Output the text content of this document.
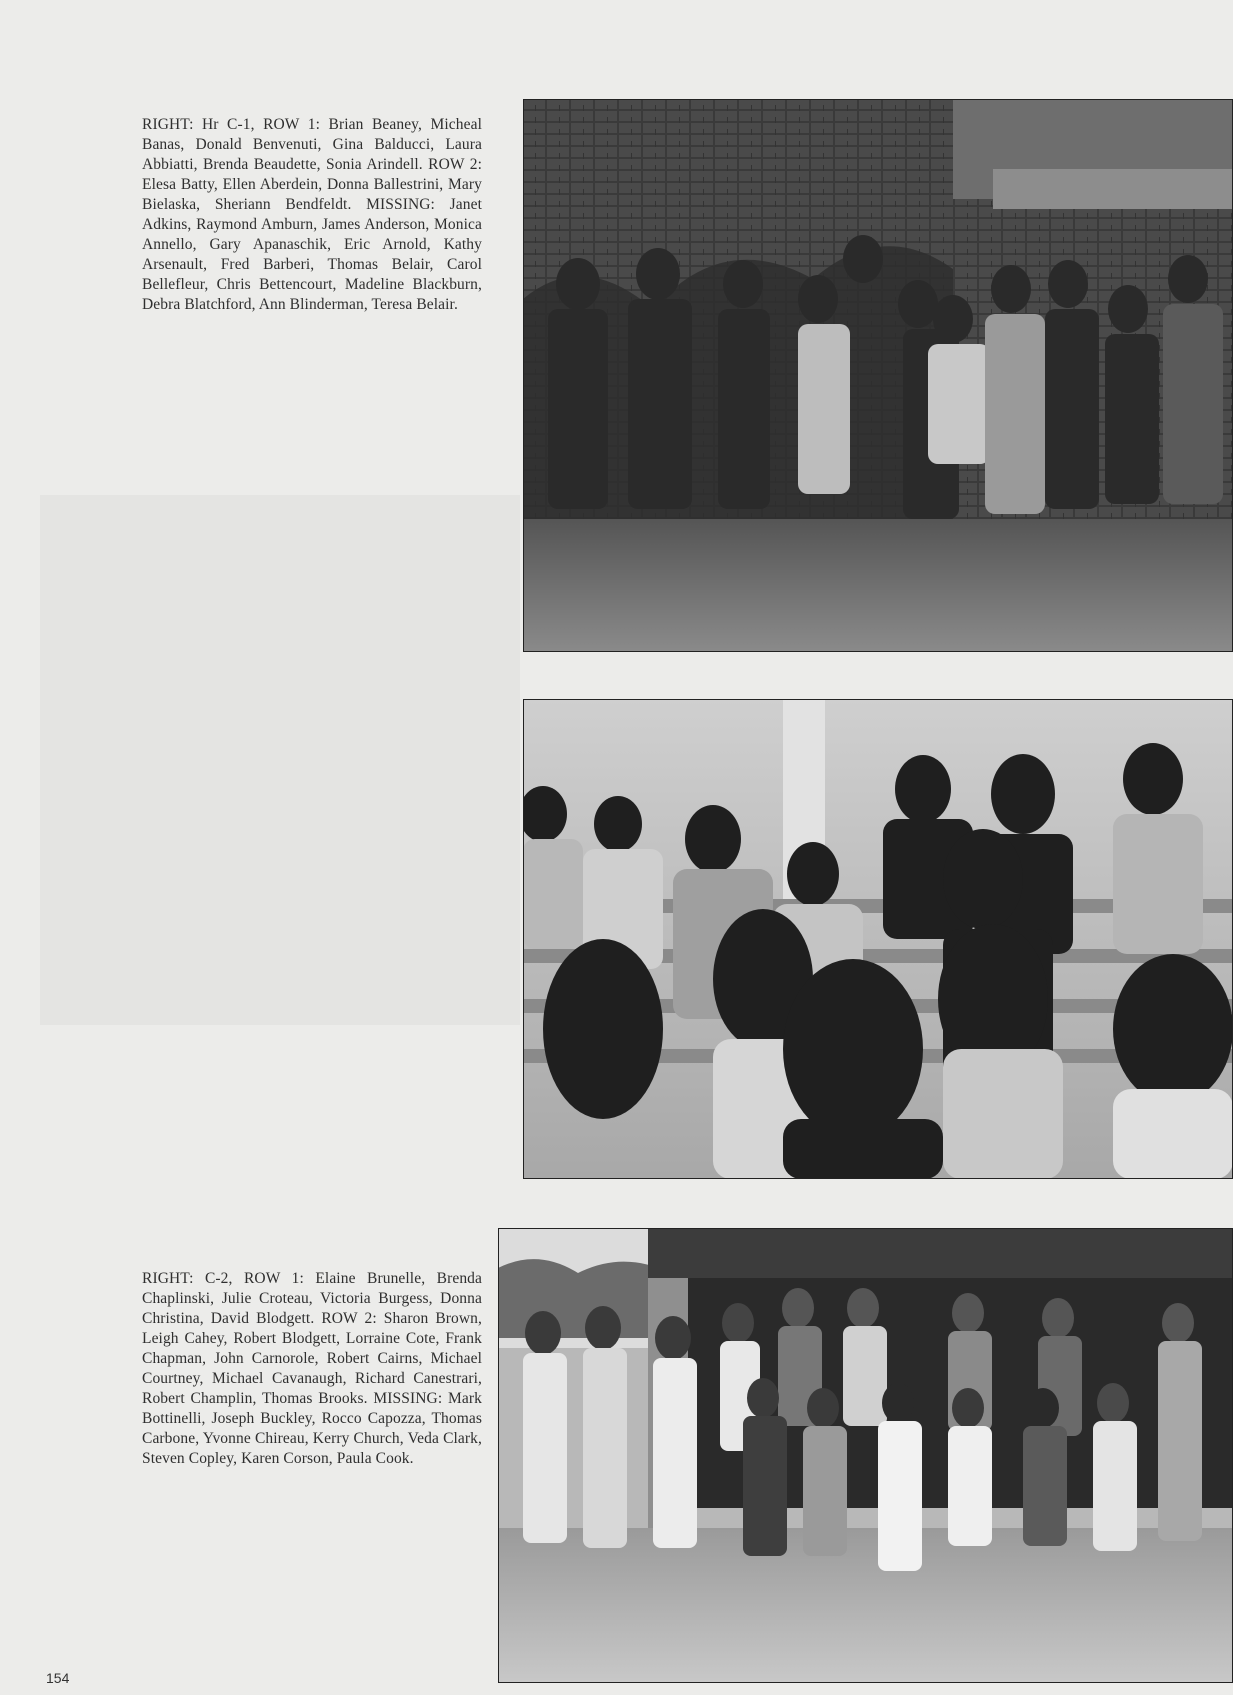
RIGHT: Hr C-1, ROW 1: Brian Beaney, Micheal Banas, Donald Benvenuti, Gina Balducci, Laura Abbiatti, Brenda Beaudette, Sonia Arindell. ROW 2: Elesa Batty, Ellen Aberdein, Donna Ballestrini, Mary Bielaska, Sheriann Bendfeldt. MISSING: Janet Adkins, Raymond Amburn, James Anderson, Monica Annello, Gary Apanaschik, Eric Arnold, Kathy Arsenault, Fred Barberi, Thomas Belair, Carol Bellefleur, Chris Bettencourt, Madeline Blackburn, Debra Blatchford, Ann Blinderman, Teresa Belair.

RIGHT: C-2, ROW 1: Elaine Brunelle, Brenda Chaplinski, Julie Croteau, Victoria Burgess, Donna Christina, David Blodgett. ROW 2: Sharon Brown, Leigh Cahey, Robert Blodgett, Lorraine Cote, Frank Chapman, John Carnorole, Robert Cairns, Michael Courtney, Michael Cavanaugh, Richard Canestrari, Robert Champlin, Thomas Brooks. MISSING: Mark Bottinelli, Joseph Buckley, Rocco Capozza, Thomas Carbone, Yvonne Chireau, Kerry Church, Veda Clark, Steven Copley, Karen Corson, Paula Cook.

154
